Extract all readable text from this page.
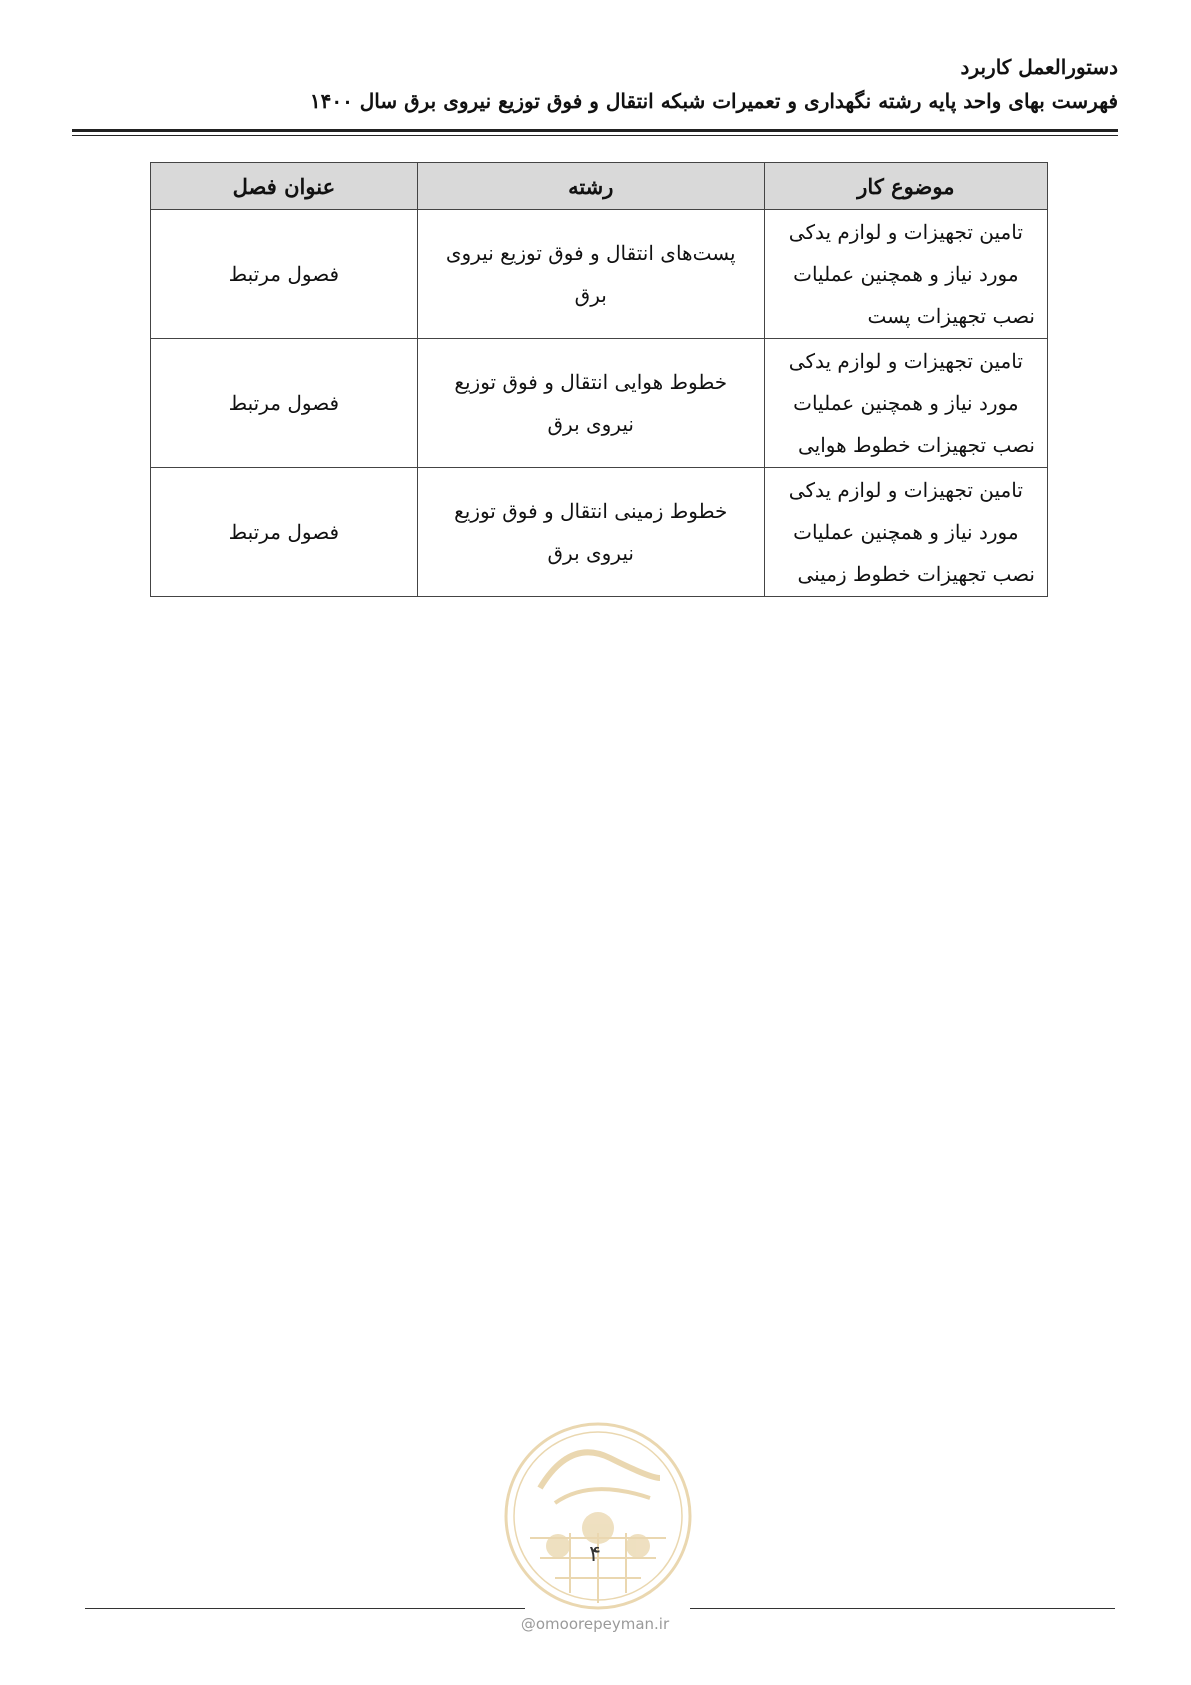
دستورالعمل کاربرد
فهرست بهای واحد پایه رشته نگهداری و تعمیرات شبکه انتقال و فوق توزیع نیروی برق سال ۱۴۰۰
موضوع کار	رشته	عنوان فصل
تامین تجهیزات و لوازم یدکی مورد نیاز و همچنین عملیات نصب تجهیزات پست	پست‌های انتقال و فوق توزیع نیروی برق	فصول مرتبط
تامین تجهیزات و لوازم یدکی مورد نیاز و همچنین عملیات نصب تجهیزات خطوط هوایی	خطوط هوایی انتقال و فوق توزیع نیروی برق	فصول مرتبط
تامین تجهیزات و لوازم یدکی مورد نیاز و همچنین عملیات نصب تجهیزات خطوط زمینی	خطوط زمینی انتقال و فوق توزیع نیروی برق	فصول مرتبط
۴
@omoorepeyman.ir
